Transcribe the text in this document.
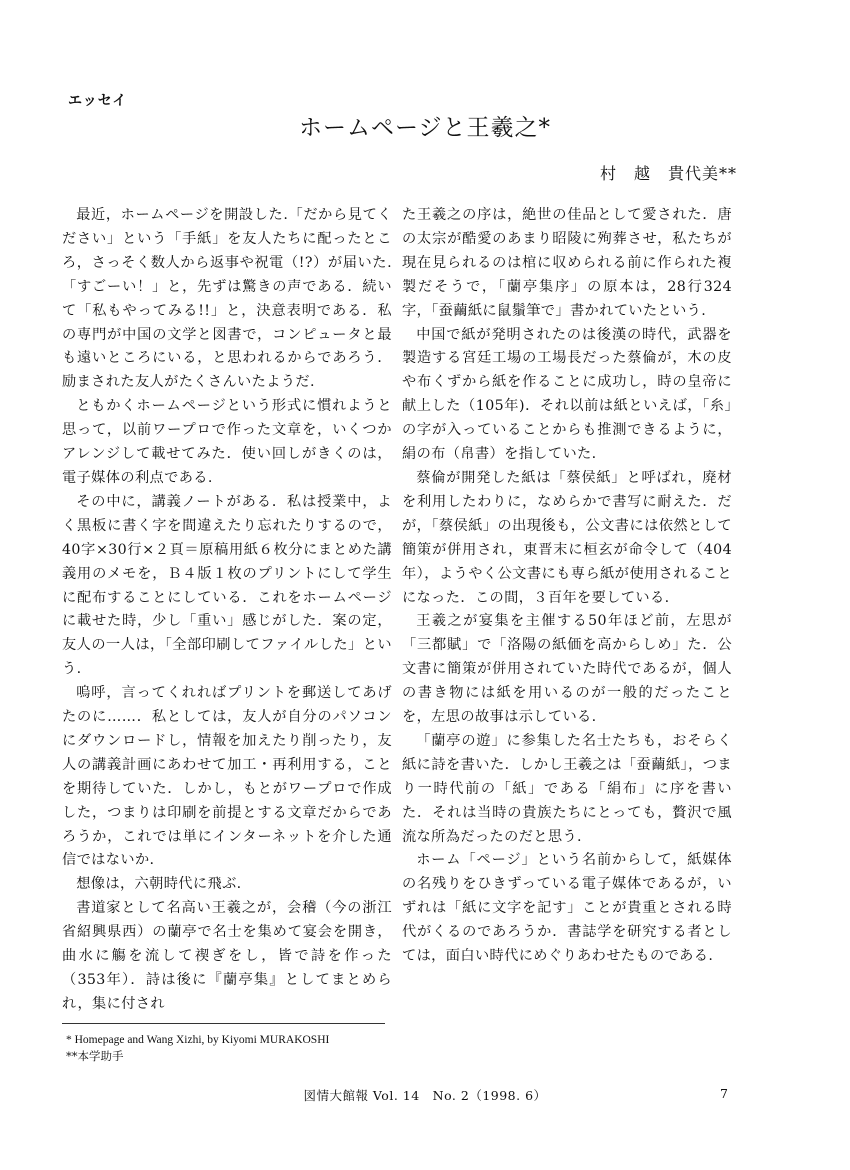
エッセイ
ホームページと王羲之*
村　越　貴代美**

最近，ホームページを開設した.「だから見てください」という「手紙」を友人たちに配ったところ，さっそく数人から返事や祝電（!?）が届いた.「すごーい！」と，先ずは驚きの声である．続いて「私もやってみる!!」と，決意表明である．私の専門が中国の文学と図書で，コンピュータと最も遠いところにいる，と思われるからであろう．励まされた友人がたくさんいたようだ.

ともかくホームページという形式に慣れようと思って，以前ワープロで作った文章を，いくつかアレンジして載せてみた．使い回しがきくのは，電子媒体の利点である.

その中に，講義ノートがある．私は授業中，よく黒板に書く字を間違えたり忘れたりするので，40字×30行×２頁＝原稿用紙６枚分にまとめた講義用のメモを，Ｂ４版１枚のプリントにして学生に配布することにしている．これをホームページに載せた時，少し「重い」感じがした．案の定，友人の一人は，「全部印刷してファイルした」という.

嗚呼，言ってくれればプリントを郵送してあげたのに……．私としては，友人が自分のパソコンにダウンロードし，情報を加えたり削ったり，友人の講義計画にあわせて加工・再利用する，ことを期待していた．しかし，もとがワープロで作成した，つまりは印刷を前提とする文章だからであろうか，これでは単にインターネットを介した通信ではないか.

想像は，六朝時代に飛ぶ.

書道家として名高い王羲之が，会稽（今の浙江省紹興県西）の蘭亭で名士を集めて宴会を開き，曲水に觴を流して禊ぎをし，皆で詩を作った（353年）．詩は後に『蘭亭集』としてまとめられ，集に付され

た王羲之の序は，絶世の佳品として愛された．唐の太宗が酷愛のあまり昭陵に殉葬させ，私たちが現在見られるのは棺に収められる前に作られた複製だそうで，「蘭亭集序」の原本は，28行324字，「蚕繭紙に鼠鬚筆で」書かれていたという.

中国で紙が発明されたのは後漢の時代，武器を製造する宮廷工場の工場長だった蔡倫が，木の皮や布くずから紙を作ることに成功し，時の皇帝に献上した（105年)．それ以前は紙といえば，「糸」の字が入っていることからも推測できるように，絹の布（帛書）を指していた.

蔡倫が開発した紙は「蔡侯紙」と呼ばれ，廃材を利用したわりに，なめらかで書写に耐えた．だが，「蔡侯紙」の出現後も，公文書には依然として簡策が併用され，東晋末に桓玄が命令して（404年），ようやく公文書にも専ら紙が使用されることになった．この間，３百年を要している.

王羲之が宴集を主催する50年ほど前，左思が「三都賦」で「洛陽の紙価を高からしめ」た．公文書に簡策が併用されていた時代であるが，個人の書き物には紙を用いるのが一般的だったことを，左思の故事は示している.

「蘭亭の遊」に参集した名士たちも，おそらく紙に詩を書いた．しかし王羲之は「蚕繭紙」，つまり一時代前の「紙」である「絹布」に序を書いた．それは当時の貴族たちにとっても，贅沢で風流な所為だったのだと思う.

ホーム「ページ」という名前からして，紙媒体の名残りをひきずっている電子媒体であるが，いずれは「紙に文字を記す」ことが貴重とされる時代がくるのであろうか．書誌学を研究する者としては，面白い時代にめぐりあわせたものである.

* Homepage and Wang Xizhi, by Kiyomi MURAKOSHI
**本学助手
図情大館報 Vol. 14　No. 2（1998. 6）	7
